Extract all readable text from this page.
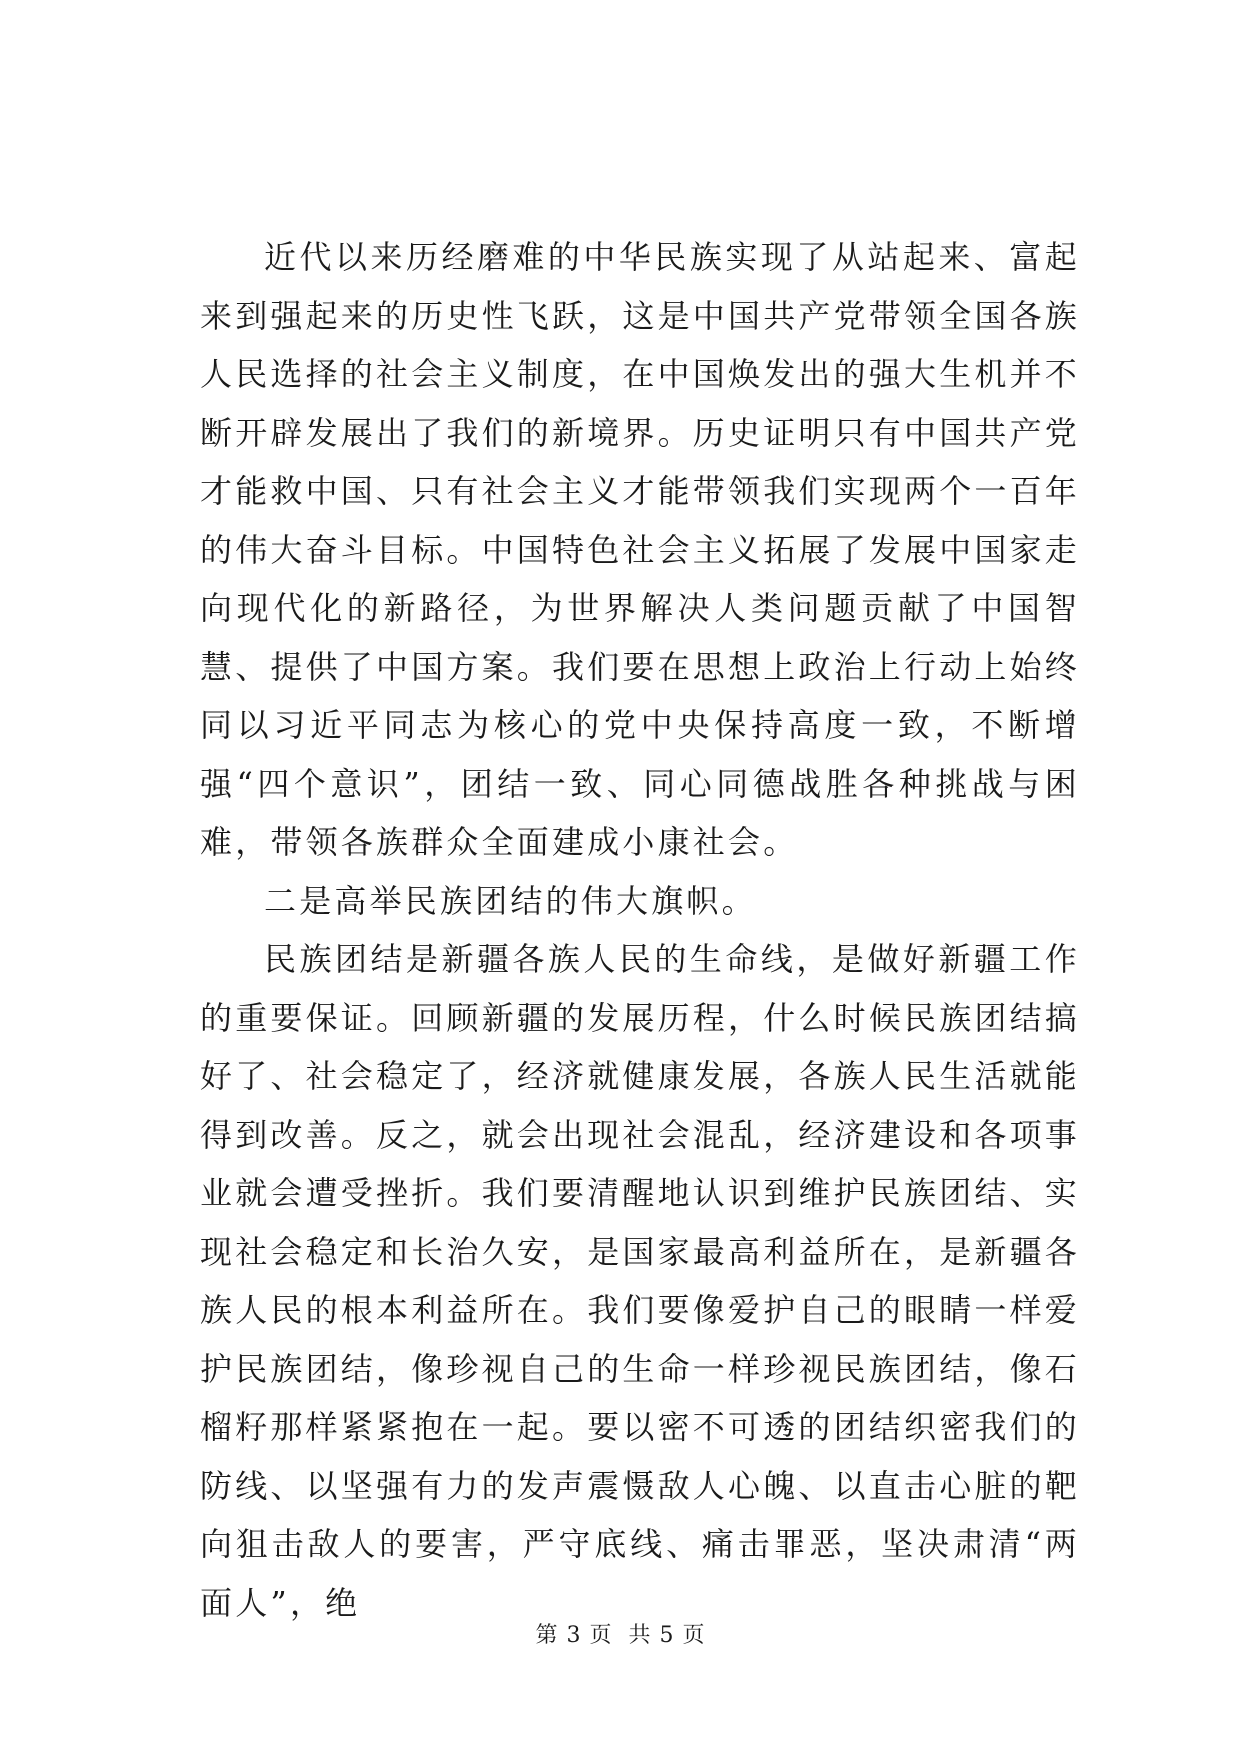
近代以来历经磨难的中华民族实现了从站起来、富起来到强起来的历史性飞跃，这是中国共产党带领全国各族人民选择的社会主义制度，在中国焕发出的强大生机并不断开辟发展出了我们的新境界。历史证明只有中国共产党才能救中国、只有社会主义才能带领我们实现两个一百年的伟大奋斗目标。中国特色社会主义拓展了发展中国家走向现代化的新路径，为世界解决人类问题贡献了中国智慧、提供了中国方案。我们要在思想上政治上行动上始终同以习近平同志为核心的党中央保持高度一致，不断增强“四个意识”，团结一致、同心同德战胜各种挑战与困难，带领各族群众全面建成小康社会。

二是高举民族团结的伟大旗帜。

民族团结是新疆各族人民的生命线，是做好新疆工作的重要保证。回顾新疆的发展历程，什么时候民族团结搞好了、社会稳定了，经济就健康发展，各族人民生活就能得到改善。反之，就会出现社会混乱，经济建设和各项事业就会遭受挫折。我们要清醒地认识到维护民族团结、实现社会稳定和长治久安，是国家最高利益所在，是新疆各族人民的根本利益所在。我们要像爱护自己的眼睛一样爱护民族团结，像珍视自己的生命一样珍视民族团结，像石榴籽那样紧紧抱在一起。要以密不可透的团结织密我们的防线、以坚强有力的发声震慑敌人心魄、以直击心脏的靶向狙击敌人的要害，严守底线、痛击罪恶，坚决肃清“两面人”，绝

第 3 页  共 5 页
